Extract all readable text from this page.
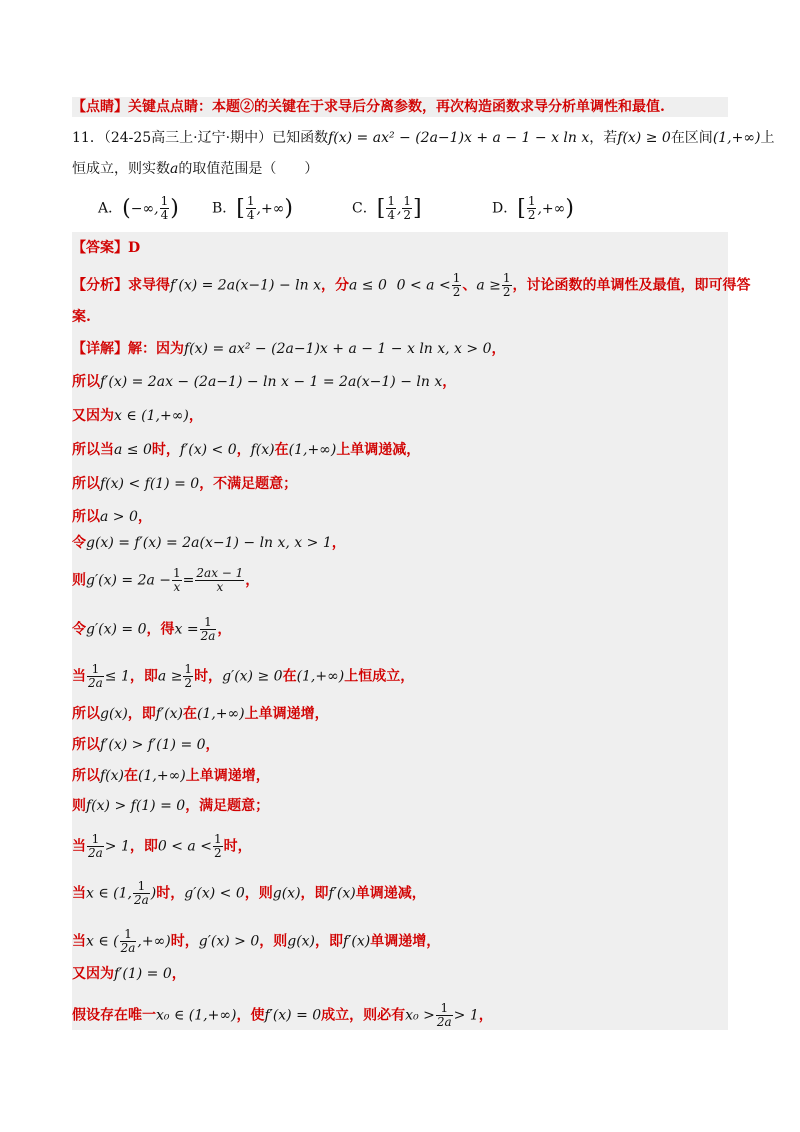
【点睛】关键点点睛：本题②的关键在于求导后分离参数，再次构造函数求导分析单调性和最值.
11．（24-25高三上·辽宁·期中）已知函数f(x) = ax² − (2a−1)x + a − 1 − x ln x，若f(x) ≥ 0在区间(1,+∞)上
恒成立，则实数a的取值范围是（　　）
A．(−∞, $\frac{1}{4}$ ) B．[ $\frac{1}{4}$ ,+∞)	C．[ $\frac{1}{4}$ , $\frac{1}{2}$ ]	D．[ $\frac{1}{2}$ ,+∞)
【答案】D
【分析】求导得f′(x) = 2a(x−1) − ln x，分a ≤ 0 $0 < a < \frac{1}{2}$ 、$a \ge \frac{1}{2}$ ，讨论函数的单调性及最值，即可得答
案.
【详解】解：因为f(x) = ax² − (2a−1)x + a − 1 − x ln x, x > 0，
所以f′(x) = 2ax − (2a−1) − ln x − 1 = 2a(x−1) − ln x，
又因为x ∈ (1,+∞)，
所以当a ≤ 0时，f′(x) < 0，f(x)在(1,+∞)上单调递减，
所以f(x) < f(1) = 0，不满足题意；
所以a > 0，
令g(x) = f′(x) = 2a(x−1) − ln x, x > 1，
则$g'(x) = 2a - \frac{1}{x} = \frac{2ax - 1}{x}$ ，
令g′(x) = 0，得$x = \frac{1}{2a}$ ，
当 $\frac{1}{2a} \le 1$，即$a \ge \frac{1}{2}$ 时，g′(x) ≥ 0在(1,+∞)上恒成立，
所以g(x)，即f′(x)在(1,+∞)上单调递增，
所以f′(x) > f′(1) = 0，
所以f(x)在(1,+∞)上单调递增，
则f(x) > f(1) = 0，满足题意；
当 $\frac{1}{2a} > 1$，即$0 < a < \frac{1}{2}$ 时，
当x ∈ (1, $\frac{1}{2a}$ )时，g′(x) < 0，则g(x)，即f′(x)单调递减，
当x ∈ ( $\frac{1}{2a}$ ,+∞)时，g′(x) > 0，则g(x)，即f′(x)单调递增，
又因为f′(1) = 0，
假设存在唯一x₀ ∈ (1,+∞)，使f′(x) = 0成立，则必有$x_0 > \frac{1}{2a} > 1$，
